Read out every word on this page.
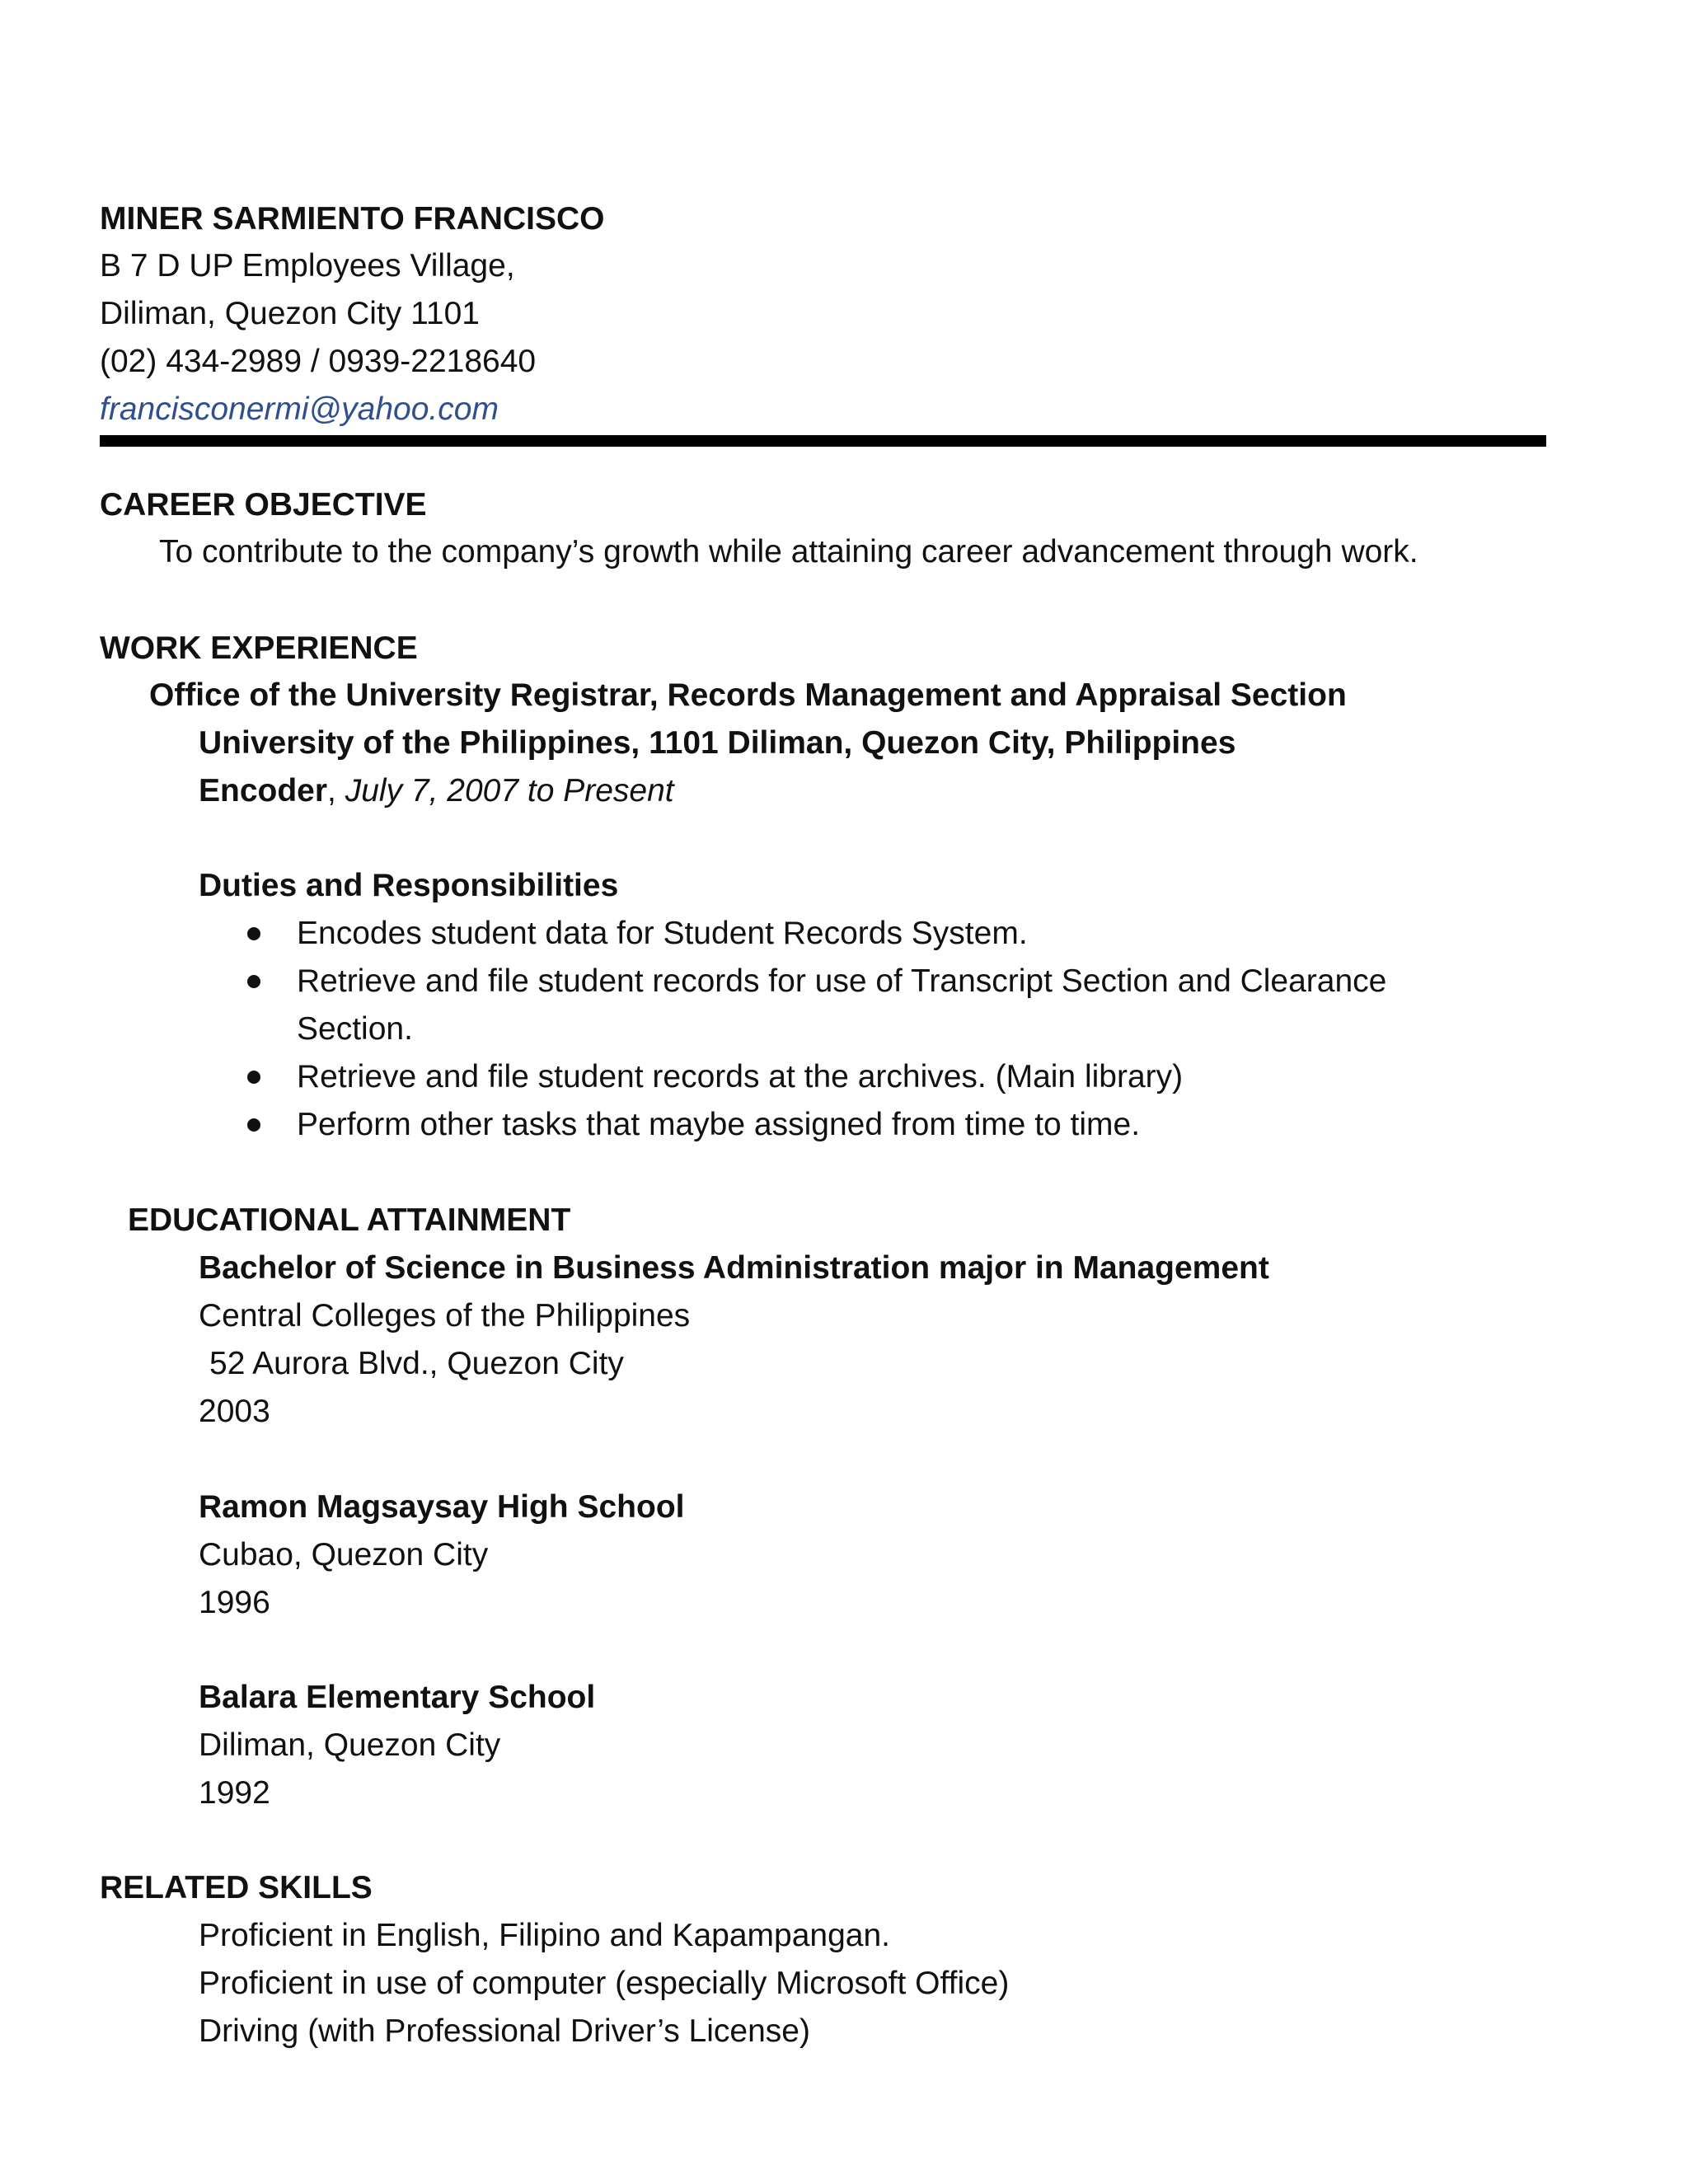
MINER SARMIENTO FRANCISCO
B 7 D UP Employees Village,
Diliman, Quezon City 1101
(02) 434-2989 / 0939-2218640
francisconermi@yahoo.com
CAREER OBJECTIVE
To contribute to the company’s growth while attaining career advancement through work.
WORK EXPERIENCE
Office of the University Registrar, Records Management and Appraisal Section
University of the Philippines, 1101 Diliman, Quezon City, Philippines
Encoder, July 7, 2007 to Present
Duties and Responsibilities
Encodes student data for Student Records System.
Retrieve and file student records for use of Transcript Section and Clearance
Section.
Retrieve and file student records at the archives. (Main library)
Perform other tasks that maybe assigned from time to time.
EDUCATIONAL ATTAINMENT
Bachelor of Science in Business Administration major in Management
Central Colleges of the Philippines
52 Aurora Blvd., Quezon City
2003
Ramon Magsaysay High School
Cubao, Quezon City
1996
Balara Elementary School
Diliman, Quezon City
1992
RELATED SKILLS
Proficient in English, Filipino and Kapampangan.
Proficient in use of computer (especially Microsoft Office)
Driving (with Professional Driver’s License)
